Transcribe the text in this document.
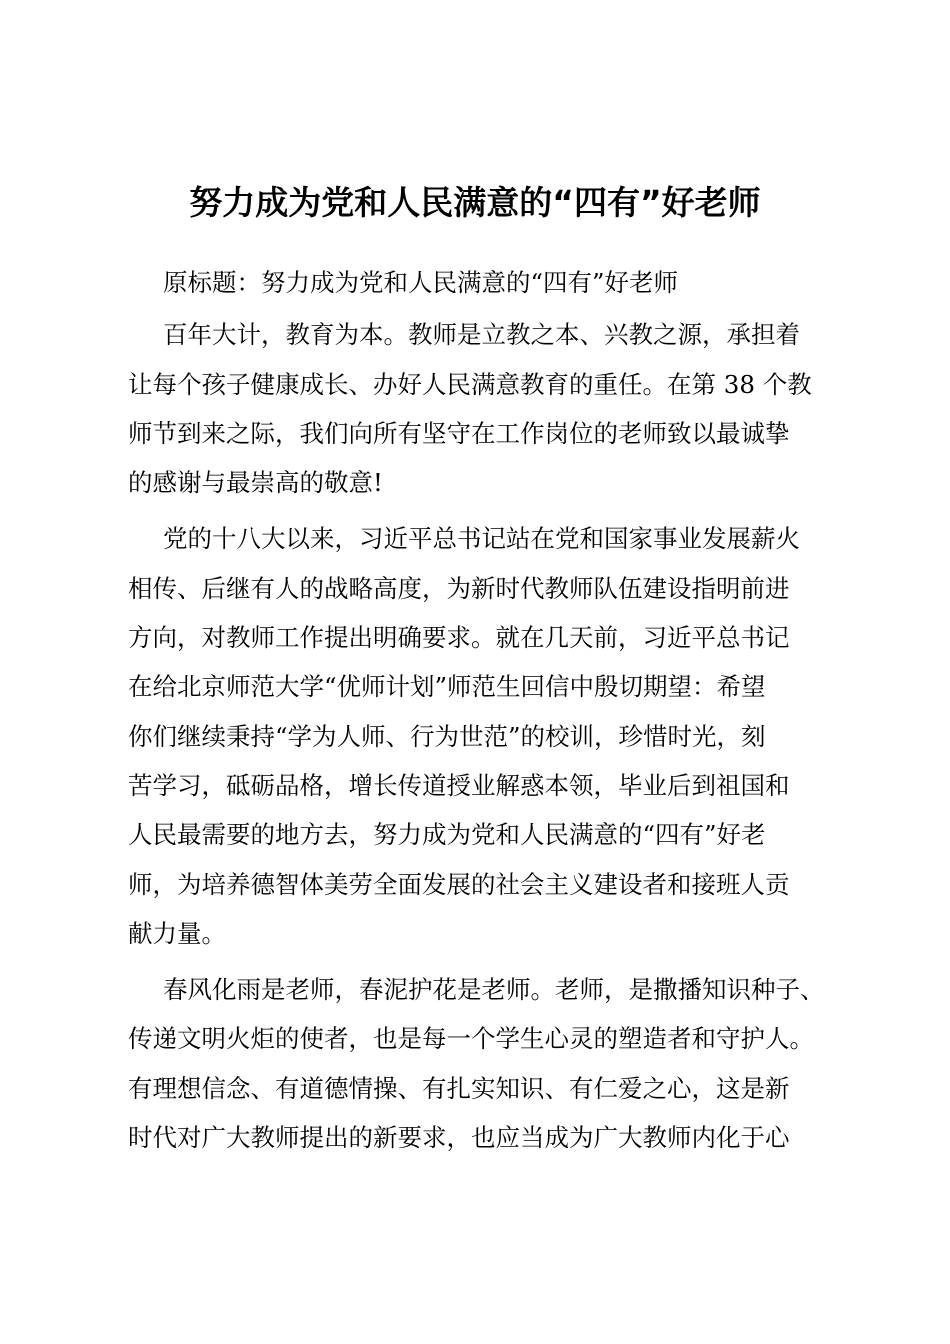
努力成为党和人民满意的“四有”好老师
原标题：努力成为党和人民满意的“四有”好老师
百年大计，教育为本。教师是立教之本、兴教之源，承担着
让每个孩子健康成长、办好人民满意教育的重任。在第 38 个教
师节到来之际，我们向所有坚守在工作岗位的老师致以最诚挚
的感谢与最崇高的敬意!
党的十八大以来，习近平总书记站在党和国家事业发展薪火
相传、后继有人的战略高度，为新时代教师队伍建设指明前进
方向，对教师工作提出明确要求。就在几天前，习近平总书记
在给北京师范大学“优师计划”师范生回信中殷切期望：希望
你们继续秉持“学为人师、行为世范”的校训，珍惜时光，刻
苦学习，砥砺品格，增长传道授业解惑本领，毕业后到祖国和
人民最需要的地方去，努力成为党和人民满意的“四有”好老
师，为培养德智体美劳全面发展的社会主义建设者和接班人贡
献力量。
春风化雨是老师，春泥护花是老师。老师，是撒播知识种子、
传递文明火炬的使者，也是每一个学生心灵的塑造者和守护人。
有理想信念、有道德情操、有扎实知识、有仁爱之心，这是新
时代对广大教师提出的新要求，也应当成为广大教师内化于心
